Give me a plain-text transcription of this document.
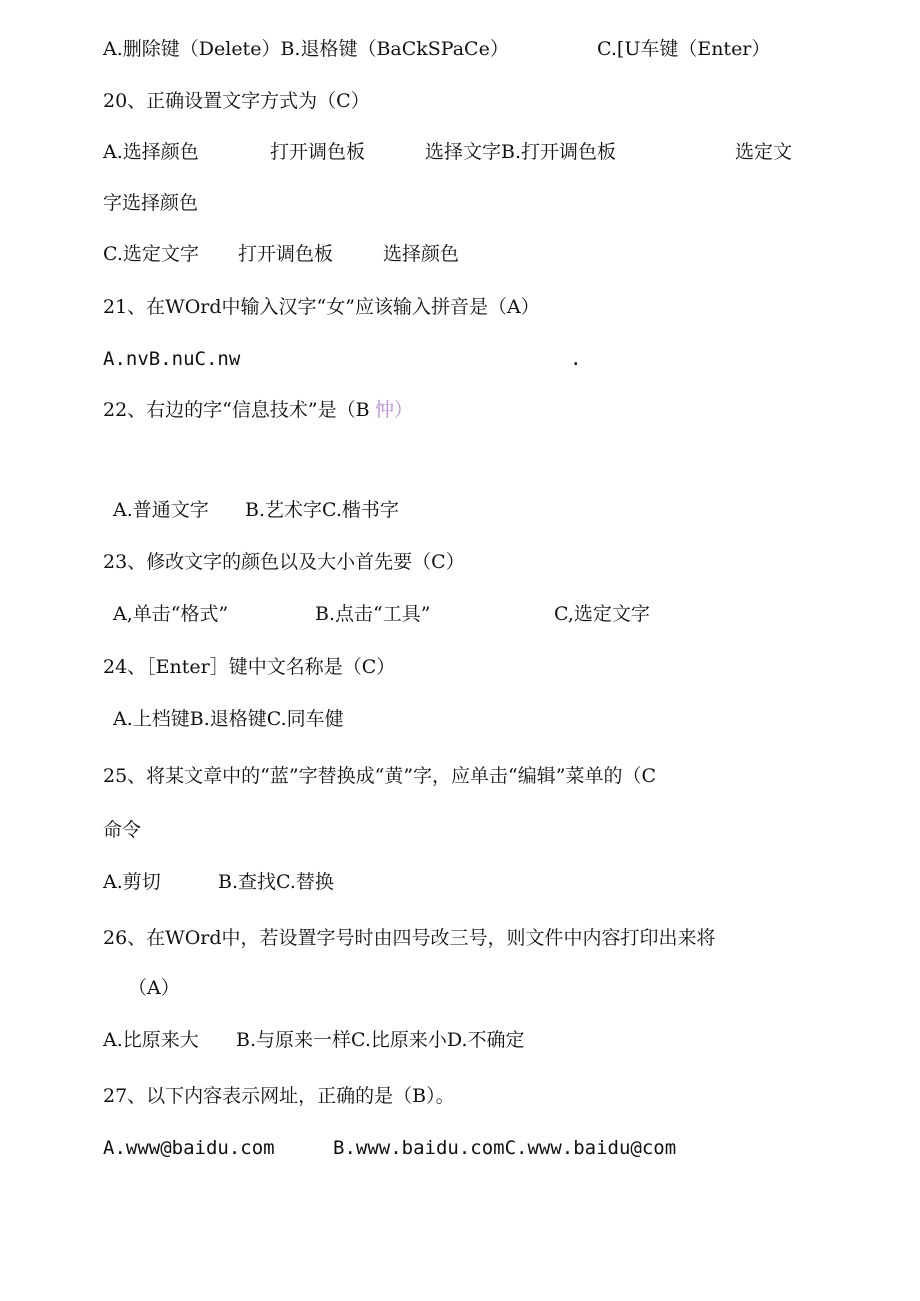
A.删除键（Delete）B.退格键（BaCkSPaCe）	C.[U车键（Enter）
20、正确设置文字方式为（C）
A.选择颜色	打开调色板	选择文字B.打开调色板	选定文
字选择颜色
C.选定文字 打开调色板	选择颜色
21、在WOrd中输入汉字“女”应该输入拼音是（A）
A.nvB.nuC.nw	.
22、右边的字“信息技术”是（B 忡）
A.普通文字      B.艺术字C.楷书字
23、修改文字的颜色以及大小首先要（C）
A,单击“格式”	B.点击“工具”	C,选定文字
24、［Enter］键中文名称是（C）
A.上档键B.退格键C.同车健
25、将某文章中的“蓝”字替换成“黄”字，应单击“编辑”菜单的（C
命令
A.剪切	B.查找C.替换
26、在WOrd中，若设置字号时由四号改三号，则文件中内容打印出来将
（A）
A.比原来大 B.与原来一样C.比原来小D.不确定
27、以下内容表示网址，正确的是（B）。
A.www@baidu.com	B.www.baidu.comC.www.baidu@com
